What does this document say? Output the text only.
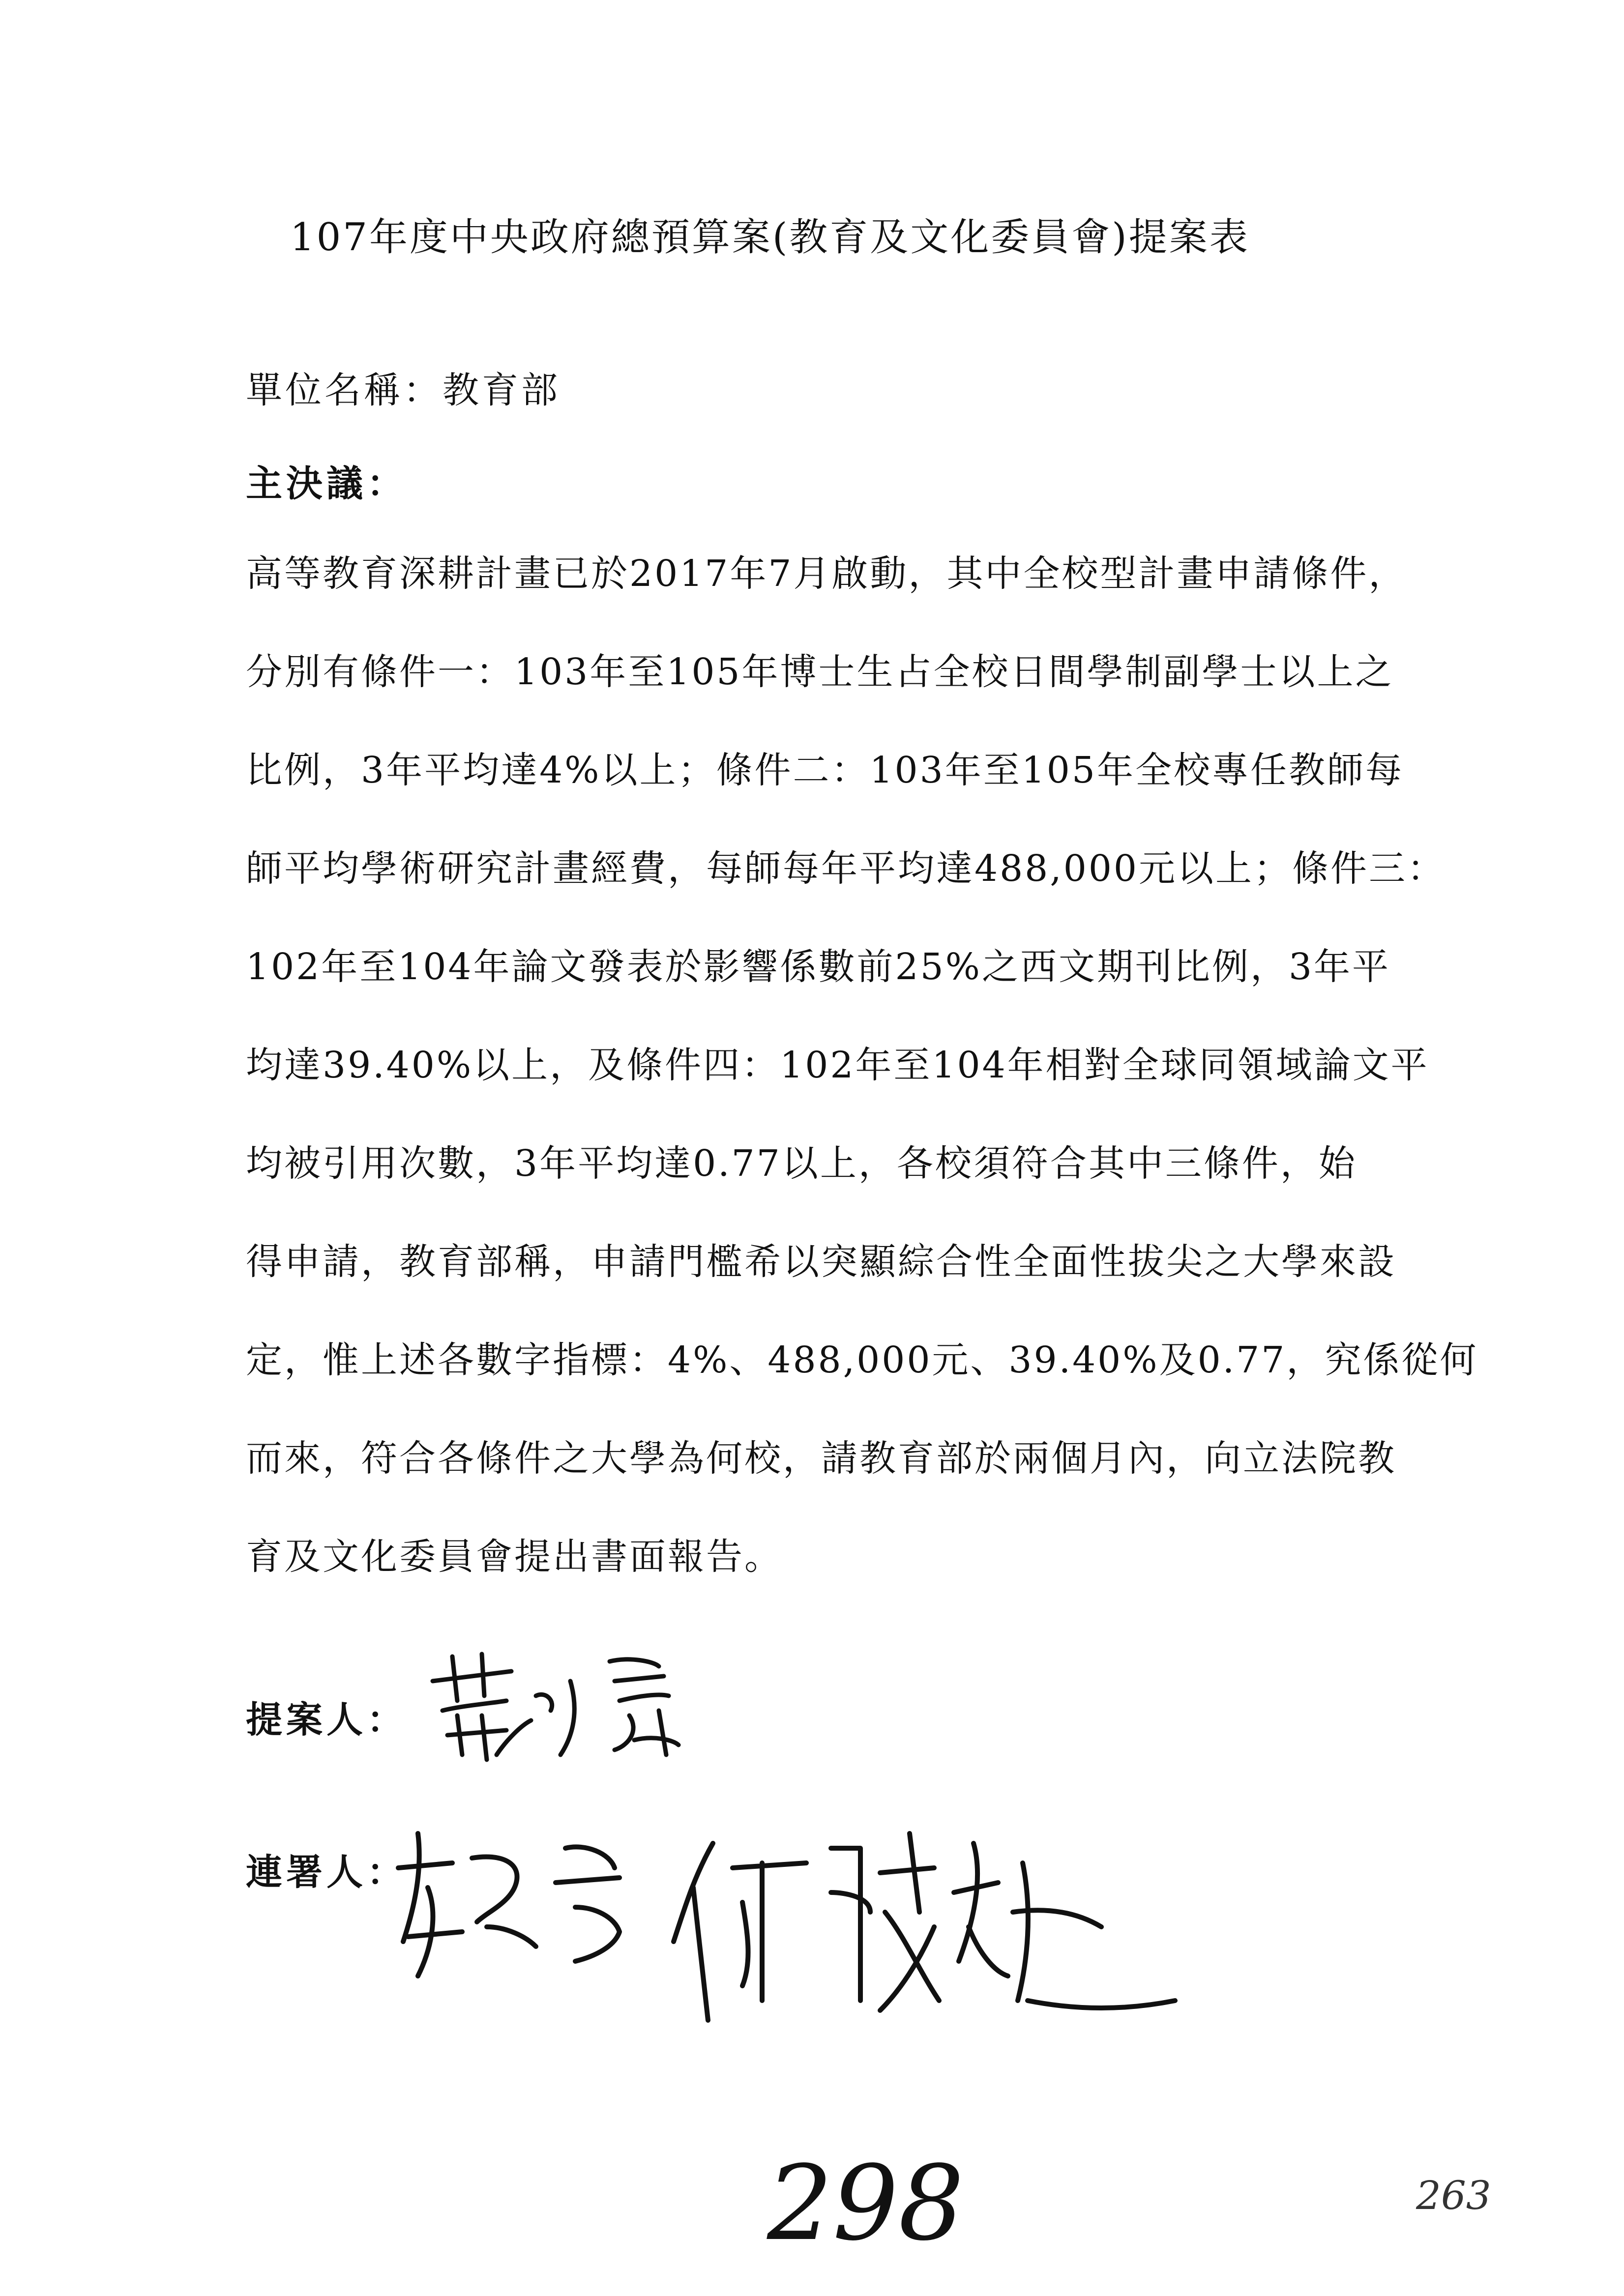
107年度中央政府總預算案(教育及文化委員會)提案表
單位名稱：教育部
主決議：
高等教育深耕計畫已於2017年7月啟動，其中全校型計畫申請條件，
分別有條件一：103年至105年博士生占全校日間學制副學士以上之
比例，3年平均達4%以上；條件二：103年至105年全校專任教師每
師平均學術研究計畫經費，每師每年平均達488,000元以上；條件三：
102年至104年論文發表於影響係數前25%之西文期刊比例，3年平
均達39.40%以上，及條件四：102年至104年相對全球同領域論文平
均被引用次數，3年平均達0.77以上，各校須符合其中三條件，始
得申請，教育部稱，申請門檻希以突顯綜合性全面性拔尖之大學來設
定，惟上述各數字指標：4%、488,000元、39.40%及0.77，究係從何
而來，符合各條件之大學為何校，請教育部於兩個月內，向立法院教
育及文化委員會提出書面報告。
提案人：
連署人：
298	263
